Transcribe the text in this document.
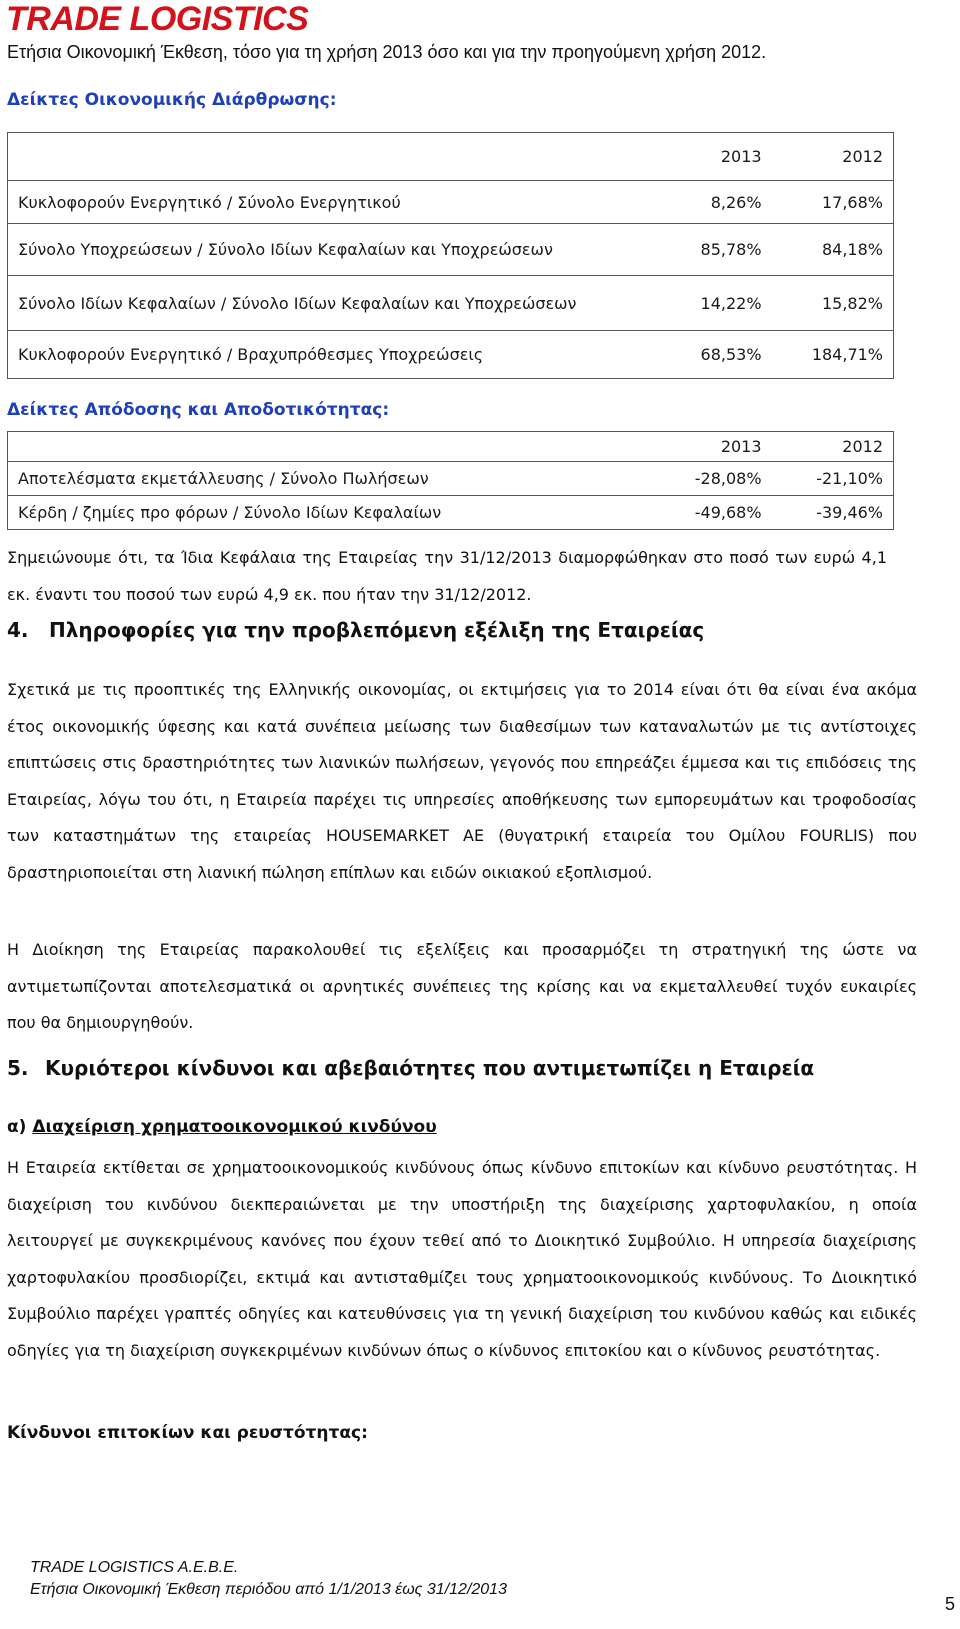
TRADE LOGISTICS
Ετήσια Οικονομική Έκθεση, τόσο για τη χρήση 2013 όσο και για την προηγούμενη χρήση 2012.
Δείκτες Οικονομικής Διάρθρωσης:
	2013	2012
Κυκλοφορούν Ενεργητικό / Σύνολο Ενεργητικού	8,26%	17,68%
Σύνολο Υποχρεώσεων / Σύνολο Ιδίων Κεφαλαίων και Υποχρεώσεων	85,78%	84,18%
Σύνολο Ιδίων Κεφαλαίων / Σύνολο Ιδίων Κεφαλαίων και Υποχρεώσεων	14,22%	15,82%
Κυκλοφορούν Ενεργητικό / Βραχυπρόθεσμες Υποχρεώσεις	68,53%	184,71%
Δείκτες Απόδοσης και Αποδοτικότητας:
	2013	2012
Αποτελέσματα εκμετάλλευσης / Σύνολο Πωλήσεων	-28,08%	-21,10%
Κέρδη / ζημίες προ φόρων / Σύνολο Ιδίων Κεφαλαίων	-49,68%	-39,46%

Σημειώνουμε ότι, τα Ίδια Κεφάλαια της Εταιρείας την 31/12/2013 διαμορφώθηκαν στο ποσό των ευρώ 4,1 εκ. έναντι του ποσού των ευρώ 4,9 εκ. που ήταν την 31/12/2012.

4. Πληροφορίες για την προβλεπόμενη εξέλιξη της Εταιρείας

Σχετικά με τις προοπτικές της Ελληνικής οικονομίας, οι εκτιμήσεις για το 2014 είναι ότι θα είναι ένα ακόμα έτος οικονομικής ύφεσης και κατά συνέπεια μείωσης των διαθεσίμων των καταναλωτών με τις αντίστοιχες επιπτώσεις στις δραστηριότητες των λιανικών πωλήσεων, γεγονός που επηρεάζει έμμεσα και τις επιδόσεις της Εταιρείας, λόγω του ότι, η Εταιρεία παρέχει τις υπηρεσίες αποθήκευσης των εμπορευμάτων και τροφοδοσίας των καταστημάτων της εταιρείας HOUSEMARKET AE (θυγατρική εταιρεία του Ομίλου FOURLIS) που δραστηριοποιείται στη λιανική πώληση επίπλων και ειδών οικιακού εξοπλισμού.

Η Διοίκηση της Εταιρείας παρακολουθεί τις εξελίξεις και προσαρμόζει τη στρατηγική της ώστε να αντιμετωπίζονται αποτελεσματικά οι αρνητικές συνέπειες της κρίσης και να εκμεταλλευθεί τυχόν ευκαιρίες που θα δημιουργηθούν.

5. Κυριότεροι κίνδυνοι και αβεβαιότητες που αντιμετωπίζει η Εταιρεία
α) Διαχείριση χρηματοοικονομικού κινδύνου

Η Εταιρεία εκτίθεται σε χρηματοοικονομικούς κινδύνους όπως κίνδυνο επιτοκίων και κίνδυνο ρευστότητας. Η διαχείριση του κινδύνου διεκπεραιώνεται με την υποστήριξη της διαχείρισης χαρτοφυλακίου, η οποία λειτουργεί με συγκεκριμένους κανόνες που έχουν τεθεί από το Διοικητικό Συμβούλιο. Η υπηρεσία διαχείρισης χαρτοφυλακίου προσδιορίζει, εκτιμά και αντισταθμίζει τους χρηματοοικονομικούς κινδύνους. Το Διοικητικό Συμβούλιο παρέχει γραπτές οδηγίες και κατευθύνσεις για τη γενική διαχείριση του κινδύνου καθώς και ειδικές οδηγίες για τη διαχείριση συγκεκριμένων κινδύνων όπως ο κίνδυνος επιτοκίου και ο κίνδυνος ρευστότητας.

Κίνδυνοι επιτοκίων και ρευστότητας:
TRADE LOGISTICS A.E.B.E.
Ετήσια Οικονομική Έκθεση περιόδου από 1/1/2013 έως 31/12/2013
5
